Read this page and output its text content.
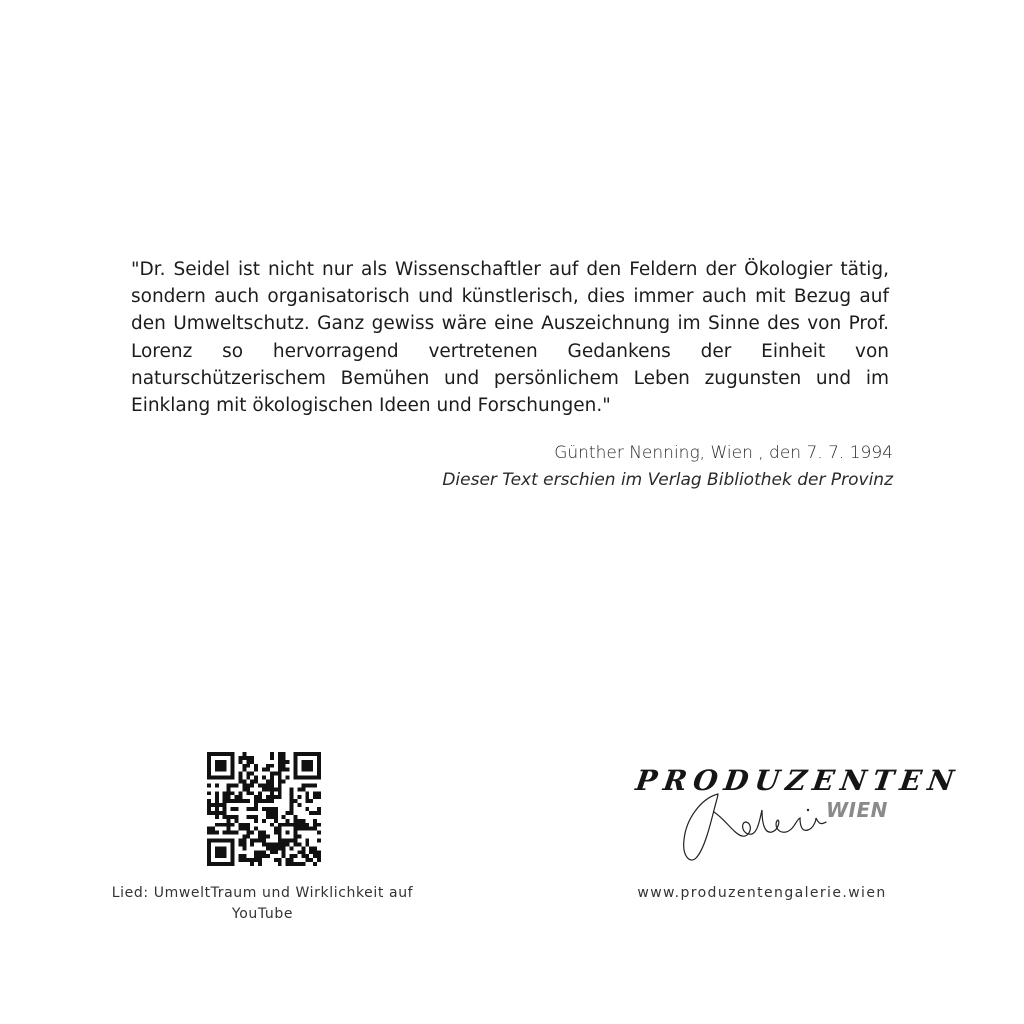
"Dr. Seidel ist nicht nur als Wissenschaftler auf den Feldern der Ökologier tätig, sondern auch organisatorisch und künstlerisch, dies immer auch mit Bezug auf den Umweltschutz. Ganz gewiss wäre eine Auszeichnung im Sinne des von Prof. Lorenz so hervorragend vertretenen Gedankens der Einheit von naturschützerischem Bemühen und persönlichem Leben zugunsten und im Einklang mit ökologischen Ideen und Forschungen."

Günther Nenning, Wien , den 7. 7. 1994
Dieser Text erschien im Verlag Bibliothek der Provinz
Lied: UmweltTraum und Wirklichkeit auf YouTube
PRODUZENTEN
WIEN
www.produzentengalerie.wien
